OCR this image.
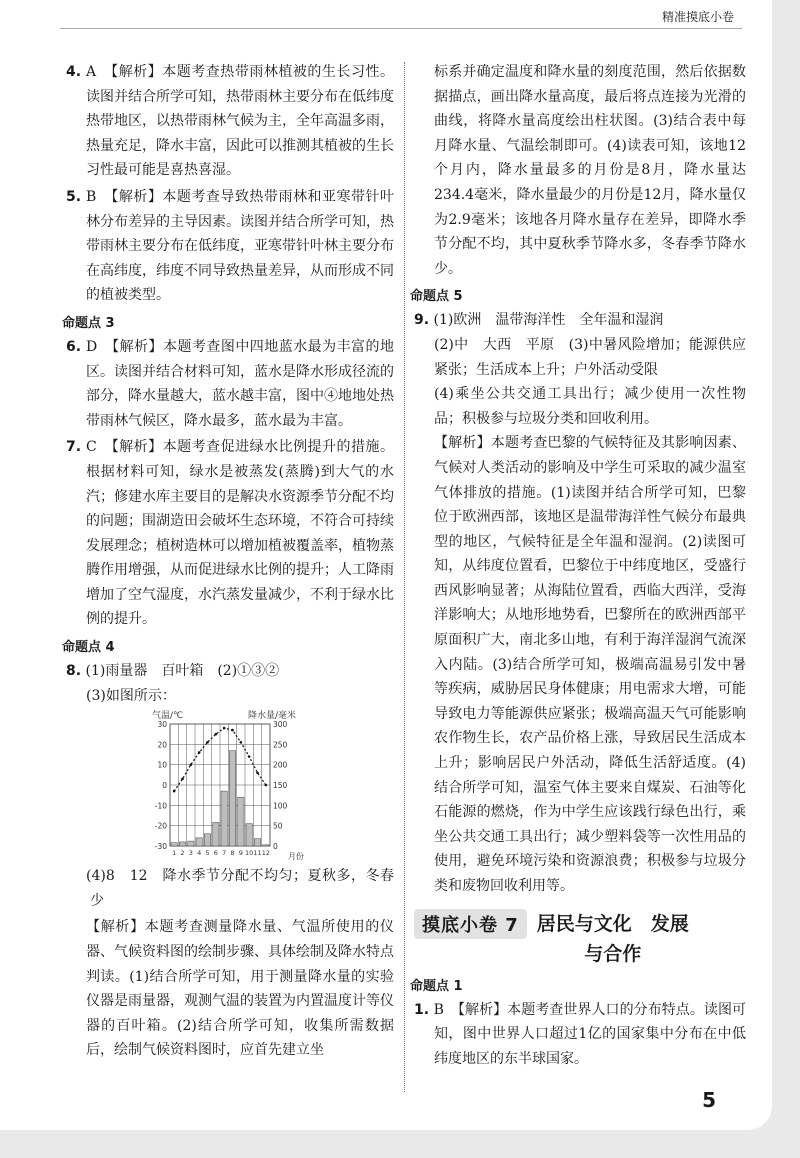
精准摸底小卷

4. A　【解析】本题考查热带雨林植被的生长习性。读图并结合所学可知，热带雨林主要分布在低纬度热带地区，以热带雨林气候为主，全年高温多雨，热量充足，降水丰富，因此可以推测其植被的生长习性最可能是喜热喜湿。

5. B　【解析】本题考查导致热带雨林和亚寒带针叶林分布差异的主导因素。读图并结合所学可知，热带雨林主要分布在低纬度，亚寒带针叶林主要分布在高纬度，纬度不同导致热量差异，从而形成不同的植被类型。

命题点 3

6. D　【解析】本题考查图中四地蓝水最为丰富的地区。读图并结合材料可知，蓝水是降水形成径流的部分，降水量越大，蓝水越丰富，图中④地地处热带雨林气候区，降水最多，蓝水最为丰富。

7. C　【解析】本题考查促进绿水比例提升的措施。根据材料可知，绿水是被蒸发(蒸腾)到大气的水汽；修建水库主要目的是解决水资源季节分配不均的问题；围湖造田会破坏生态环境，不符合可持续发展理念；植树造林可以增加植被覆盖率，植物蒸腾作用增强，从而促进绿水比例的提升；人工降雨增加了空气湿度，水汽蒸发量减少，不利于绿水比例的提升。

命题点 4

8. (1)雨量器　百叶箱　(2)①③②

(3)如图所示：

气温/℃	降水量/毫米
月份
30
20
10
0
-10
-20
-30
300
250
200
150
100
50
0
1 2 3 4 5 6 7 8 9 10 11 12

(4)8　12　降水季节分配不均匀；夏秋多，冬春少

【解析】本题考查测量降水量、气温所使用的仪器、气候资料图的绘制步骤、具体绘制及降水特点判读。(1)结合所学可知，用于测量降水量的实验仪器是雨量器，观测气温的装置为内置温度计等仪器的百叶箱。(2)结合所学可知，收集所需数据后，绘制气候资料图时，应首先建立坐

标系并确定温度和降水量的刻度范围，然后依据数据描点，画出降水量高度，最后将点连接为光滑的曲线，将降水量高度绘出柱状图。(3)结合表中每月降水量、气温绘制即可。(4)读表可知，该地12个月内，降水量最多的月份是8月，降水量达234.4毫米，降水量最少的月份是12月，降水量仅为2.9毫米；该地各月降水量存在差异，即降水季节分配不均，其中夏秋季节降水多，冬春季节降水少。

命题点 5

9. (1)欧洲　温带海洋性　全年温和湿润

(2)中　大西　平原　(3)中暑风险增加；能源供应紧张；生活成本上升；户外活动受限

(4)乘坐公共交通工具出行；减少使用一次性物品；积极参与垃圾分类和回收利用。

【解析】本题考查巴黎的气候特征及其影响因素、气候对人类活动的影响及中学生可采取的减少温室气体排放的措施。(1)读图并结合所学可知，巴黎位于欧洲西部，该地区是温带海洋性气候分布最典型的地区，气候特征是全年温和湿润。(2)读图可知，从纬度位置看，巴黎位于中纬度地区，受盛行西风影响显著；从海陆位置看，西临大西洋，受海洋影响大；从地形地势看，巴黎所在的欧洲西部平原面积广大，南北多山地，有利于海洋湿润气流深入内陆。(3)结合所学可知，极端高温易引发中暑等疾病，威胁居民身体健康；用电需求大增，可能导致电力等能源供应紧张；极端高温天气可能影响农作物生长，农产品价格上涨，导致居民生活成本上升；影响居民户外活动，降低生活舒适度。(4)结合所学可知，温室气体主要来自煤炭、石油等化石能源的燃烧，作为中学生应该践行绿色出行，乘坐公共交通工具出行；减少塑料袋等一次性用品的使用，避免环境污染和资源浪费；积极参与垃圾分类和废物回收利用等。

摸底小卷 7 居民与文化　发展
与合作
命题点 1

1. B　【解析】本题考查世界人口的分布特点。读图可知，图中世界人口超过1亿的国家集中分布在中低纬度地区的东半球国家。

5
